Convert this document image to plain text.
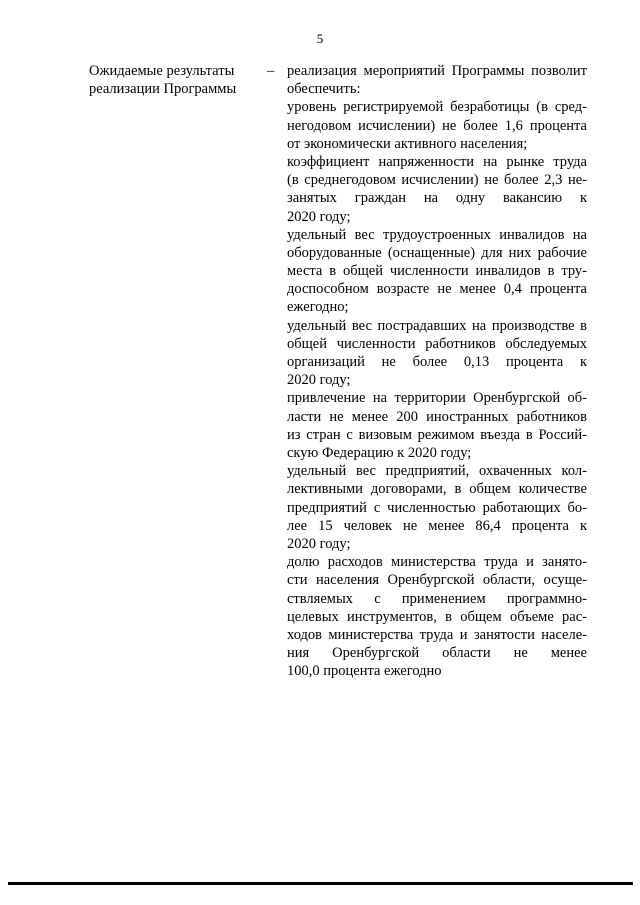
5
Ожидаемые результаты
реализации Программы
– реализация мероприятий Программы позволит
обеспечить:
уровень регистрируемой безработицы (в сред-
негодовом исчислении) не более 1,6 процента
от экономически активного населения;
коэффициент напряженности на рынке труда
(в среднегодовом исчислении) не более 2,3 не-
занятых граждан на одну вакансию к
2020 году;
удельный вес трудоустроенных инвалидов на
оборудованные (оснащенные) для них рабочие
места в общей численности инвалидов в тру-
доспособном возрасте не менее 0,4 процента
ежегодно;
удельный вес пострадавших на производстве в
общей численности работников обследуемых
организаций не более 0,13 процента к
2020 году;
привлечение на территории Оренбургской об-
ласти не менее 200 иностранных работников
из стран с визовым режимом въезда в Россий-
скую Федерацию к 2020 году;
удельный вес предприятий, охваченных кол-
лективными договорами, в общем количестве
предприятий с численностью работающих бо-
лее 15 человек не менее 86,4 процента к
2020 году;
долю расходов министерства труда и занято-
сти населения Оренбургской области, осуще-
ствляемых с применением программно-
целевых инструментов, в общем объеме рас-
ходов министерства труда и занятости населе-
ния Оренбургской области не менее
100,0 процента ежегодно
